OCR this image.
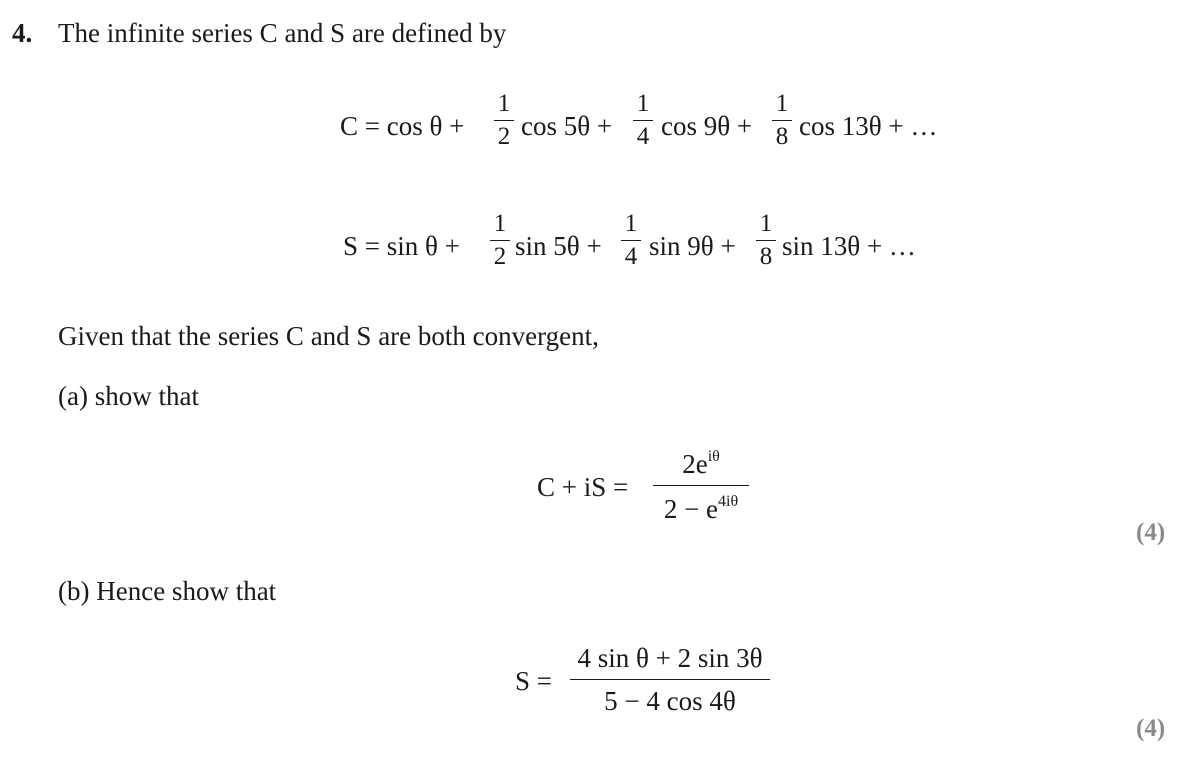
4. The infinite series C and S are defined by
C = cos θ +
1
2 cos 5θ +
1
4 cos 9θ +
1
8 cos 13θ + …
S = sin θ +
1
2 sin 5θ +
1
4 sin 9θ +
1
8 sin 13θ + …
Given that the series C and S are both convergent,
(a) show that
C + iS =
$2e^{i\theta}$
$2 - e^{4i\theta}$
(4)
(b) Hence show that
S =
4 sin θ + 2 sin 3θ
5 − 4 cos 4θ
(4)
